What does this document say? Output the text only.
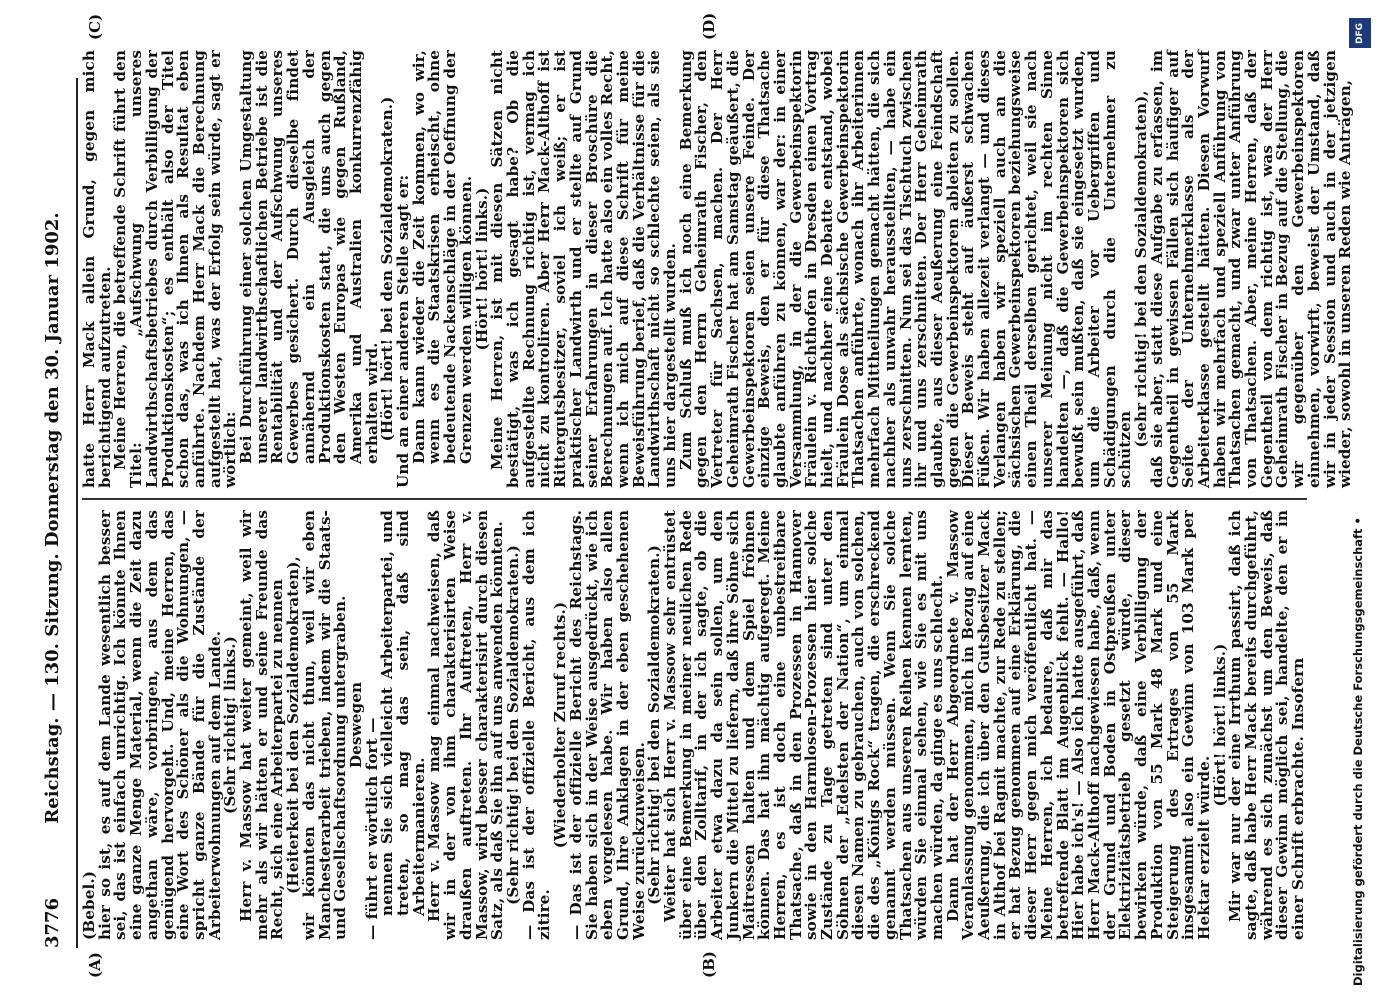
3776
Reichstag. — 130. Sitzung. Donnerstag den 30. Januar 1902.
(A)	(B)
(C)	(D)

(Bebel.)

hier so ist, es auf dem Lande wesentlich besser sei, das ist einfach unrichtig. Ich könnte Ihnen eine ganze Menge Material, wenn die Zeit dazu angethan wäre, vorbringen, aus dem das genügend hervorgeht. Und, meine Herren, das eine Wort des Schöner als die Wohnungen, — spricht ganze Bände für die Zustände der Arbeiterwohnungen auf dem Lande.

(Sehr richtig! links.)

Herr v. Massow hat weiter gemeint, weil wir mehr als wir hätten er und seine Freunde das Recht, sich eine Arbeiterpartei zu nennen

(Heiterkeit bei den Sozialdemokraten),

wir könnten das nicht thun, weil wir eben Manchesterarbeit trieben, indem wir die Staats- und Gesellschaftsordnung untergraben.

Deswegen

— führt er wörtlich fort —

nennen Sie sich vielleicht Arbeiterpartei, und treten, so mag das sein, daß sind Arbeitermanieren.

Herr v. Massow mag einmal nachweisen, daß wir in der von ihm charakterisirten Weise draußen auftreten. Ihr Auftreten, Herr v. Massow, wird besser charakterisirt durch diesen Satz, als daß Sie ihn auf uns anwenden könnten.

(Sehr richtig! bei den Sozialdemokraten.)

— Das ist der offizielle Bericht, aus dem ich zitire.

(Wiederholter Zuruf rechts.)

— Das ist der offizielle Bericht des Reichstags. Sie haben sich in der Weise ausgedrückt, wie ich eben vorgelesen habe. Wir haben also allen Grund, Ihre Anklagen in der eben geschehenen Weise zurückzuweisen.

(Sehr richtig! bei den Sozialdemokraten.)

Weiter hat sich Herr v. Massow sehr entrüstet über eine Bemerkung in meiner neulichen Rede über den Zolltarif, in der ich sagte, ob die Arbeiter etwa dazu da sein sollen, um den Junkern die Mittel zu liefern, daß ihre Söhne sich Maitressen halten und dem Spiel fröhnen können. Das hat ihn mächtig aufgeregt. Meine Herren, es ist doch eine unbestreitbare Thatsache, daß in den Prozessen in Hannover sowie in den Harmlosen-Prozessen hier solche Zustände zu Tage getreten sind unter den Söhnen der „Edelsten der Nation“, um einmal diesen Namen zu gebrauchen, auch von solchen, die des „Königs Rock“ tragen, die erschreckend genannt werden müssen. Wenn Sie solche Thatsachen aus unseren Reihen kennen lernten, würden Sie einmal sehen, wie Sie es mit uns machen würden, da ginge es uns schlecht.

Dann hat der Herr Abgeordnete v. Massow Veranlassung genommen, mich in Bezug auf eine Aeußerung, die ich über den Gutsbesitzer Mack in Althof bei Ragnit machte, zur Rede zu stellen; er hat Bezug genommen auf eine Erklärung, die dieser Herr gegen mich veröffentlicht hat. — Meine Herren, ich bedaure, daß mir das betreffende Blatt im Augenblick fehlt. — Hallo! Hier habe ich's! — Also ich hatte ausgeführt, daß Herr Mack-Althoff nachgewiesen habe, daß, wenn der Grund und Boden in Ostpreußen unter Elektrizitätsbetrieb gesetzt würde, dieser bewirken würde, daß eine Verbilligung der Produktion von 55 Mark 48 Mark und eine Steigerung des Ertrages von 55 Mark insgesammt also ein Gewinn von 103 Mark per Hektar erzielt würde.

(Hört! hört! links.)

Mir war nur der eine Irrthum passirt, daß ich sagte, daß habe Herr Mack bereits durchgeführt, während es sich zunächst um den Beweis, daß dieser Gewinn möglich sei, handelte, den er in einer Schrift erbrachte. Insofern

hatte Herr Mack allein Grund, gegen mich berichtigend aufzutreten.

Meine Herren, die betreffende Schrift führt den Titel: „Aufschwung unseres Landwirthschaftsbetriebes durch Verbilligung der Produktionskosten“; es enthält also der Titel schon das, was ich Ihnen als Resultat eben anführte. Nachdem Herr Mack die Berechnung aufgestellt hat, was der Erfolg sein würde, sagt er wörtlich:

Bei Durchführung einer solchen Umgestaltung unserer landwirthschaftlichen Betriebe ist die Rentabilität und der Aufschwung unseres Gewerbes gesichert. Durch dieselbe findet annähernd ein Ausgleich der Produktionskosten statt, die uns auch gegen den Westen Europas wie gegen Rußland, Amerika und Australien konkurrenzfähig erhalten wird.

(Hört! hört! bei den Sozialdemokraten.)

Und an einer anderen Stelle sagt er:

Dann kann wieder die Zeit kommen, wo wir, wenn es die Staatskrisen erheischt, ohne bedeutende Nackenschläge in der Oeffnung der Grenzen werden willigen können.

(Hört! hört! links.)

Meine Herren, ist mit diesen Sätzen nicht bestätigt, was ich gesagt habe? Ob die aufgestellte Rechnung richtig ist, vermag ich nicht zu kontroliren. Aber Herr Mack-Althoff ist Rittergutsbesitzer, soviel ich weiß; er ist praktischer Landwirth und er stellte auf Grund seiner Erfahrungen in dieser Broschüre die Berechnungen auf. Ich hatte also ein volles Recht, wenn ich mich auf diese Schrift für meine Beweisführung berief, daß die Verhältnisse für die Landwirthschaft nicht so schlechte seien, als sie uns hier dargestellt wurden.

Zum Schluß muß ich noch eine Bemerkung gegen den Herrn Geheimrath Fischer, den Vertreter für Sachsen, machen. Der Herr Geheimrath Fischer hat am Samstag geäußert, die Gewerbeinspektoren seien unsere Feinde. Der einzige Beweis, den er für diese Thatsache glaubte anführen zu können, war der: in einer Versammlung, in der die Gewerbeinspektorin Fräulein v. Richthofen in Dresden einen Vortrag hielt, und nachher eine Debatte entstand, wobei Fräulein Dose als sächsische Gewerbeinspektorin Thatsachen anführte, wonach ihr Arbeiterinnen mehrfach Mittheilungen gemacht hätten, die sich nachher als unwahr herausstellten, — habe ein uns zerschnitten. Nun sei das Tischtuch zwischen ihr und uns zerschnitten. Der Herr Geheimrath glaubte, aus dieser Aeußerung eine Feindschaft gegen die Gewerbeinspektoren ableiten zu sollen. Dieser Beweis steht auf äußerst schwachen Füßen. Wir haben allezeit verlangt — und dieses Verlangen haben wir speziell auch an die sächsischen Gewerbeinspektoren beziehungsweise einen Theil derselben gerichtet, weil sie nach unserer Meinung nicht im rechten Sinne handelten —, daß die Gewerbeinspektoren sich bewußt sein mußten, daß sie eingesetzt wurden, um die Arbeiter vor Uebergriffen und Schädigungen durch die Unternehmer zu schützen

(sehr richtig! bei den Sozialdemokraten),

daß sie aber, statt diese Aufgabe zu erfassen, im Gegentheil in gewissen Fällen sich häufiger auf Seite der Unternehmerklasse als der Arbeiterklasse gestellt hätten. Diesen Vorwurf haben wir mehrfach und speziell Anführung von Thatsachen gemacht, und zwar unter Anführung von Thatsachen. Aber, meine Herren, daß der Gegentheil von dem richtig ist, was der Herr Geheimrath Fischer in Bezug auf die Stellung, die wir gegenüber den Gewerbeinspektoren einnehmen, vorwirft, beweist der Umstand, daß wir in jeder Session und auch in der jetzigen wieder, sowohl in unseren Reden wie Anträgen,

DFG
Digitalisierung gefördert durch die Deutsche Forschungsgemeinschaft •
